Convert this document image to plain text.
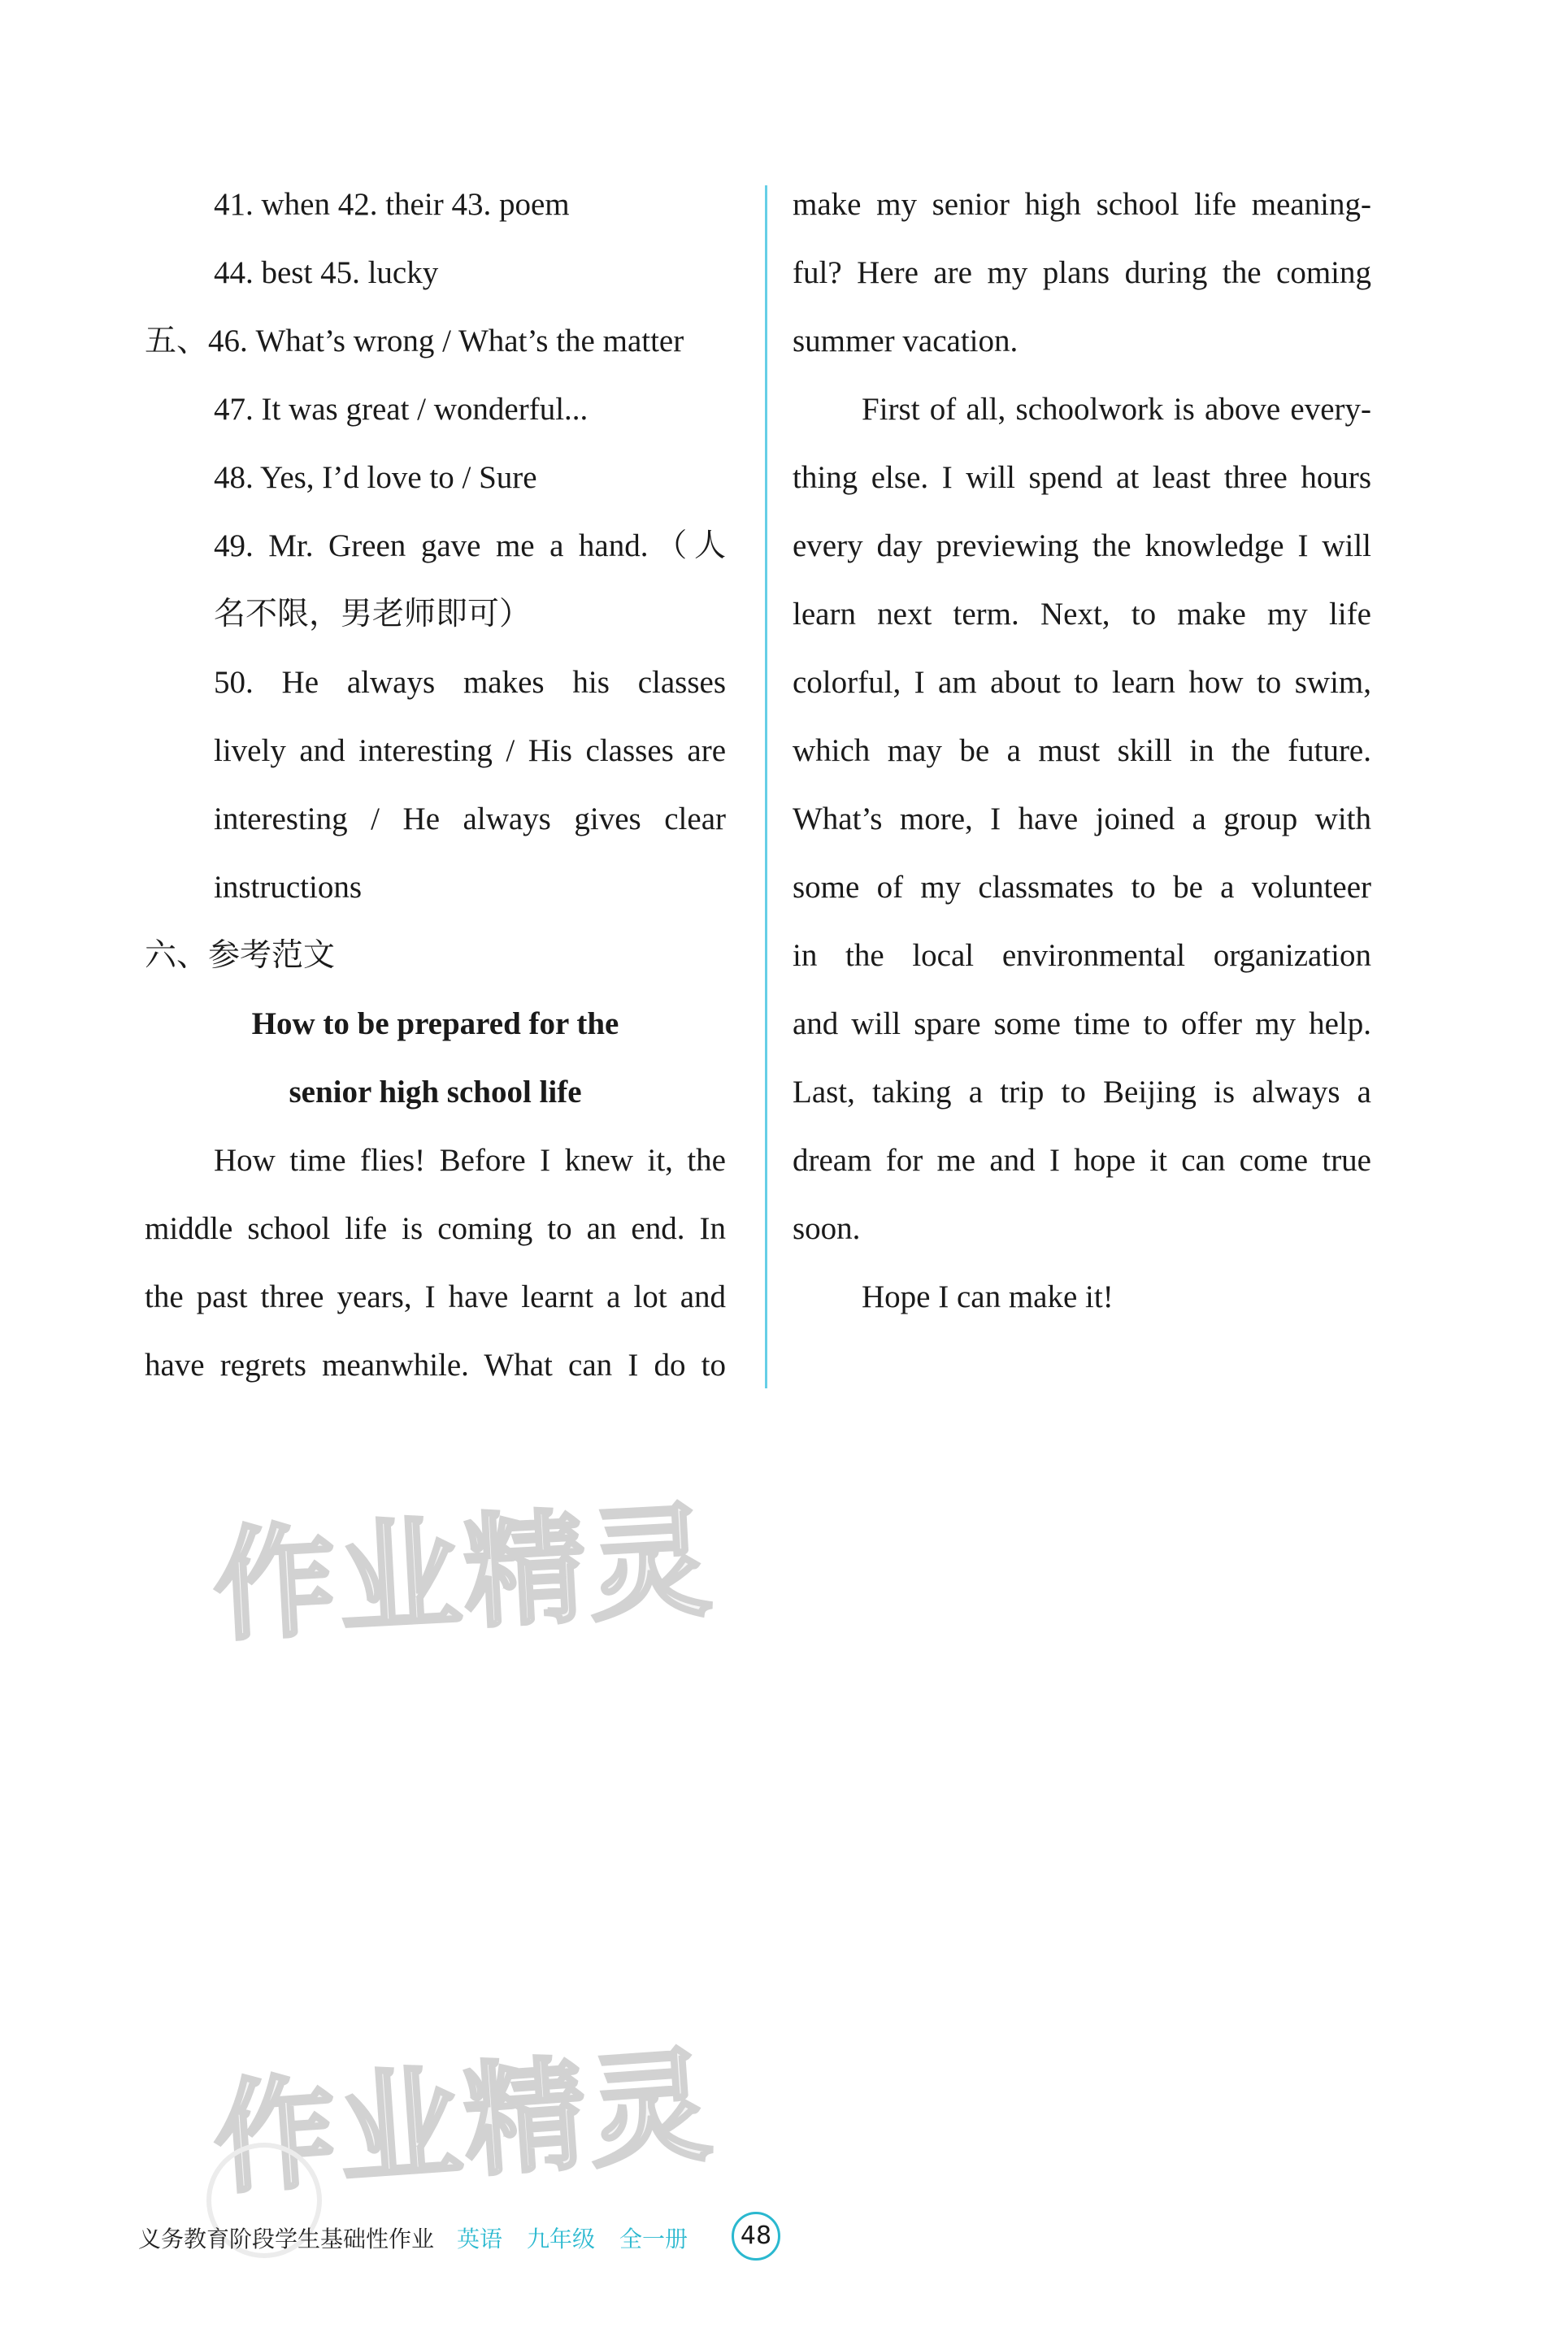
41. when 42. their 43. poem
44. best 45. lucky
五、46. What’s wrong / What’s the matter
47. It was great / wonderful...
48. Yes, I’d love to / Sure
49. Mr. Green gave me a hand.（人
名不限，男老师即可）
50. He always makes his classes
lively and interesting / His classes are
interesting / He always gives clear
instructions
六、参考范文
How to be prepared for the
senior high school life
How time flies! Before I knew it, the
middle school life is coming to an end. In
the past three years, I have learnt a lot and
have regrets meanwhile. What can I do to
make my senior high school life meaning-
ful? Here are my plans during the coming
summer vacation.
First of all, schoolwork is above every-
thing else. I will spend at least three hours
every day previewing the knowledge I will
learn next term. Next, to make my life
colorful, I am about to learn how to swim,
which may be a must skill in the future.
What’s more, I have joined a group with
some of my classmates to be a volunteer
in the local environmental organization
and will spare some time to offer my help.
Last, taking a trip to Beijing is always a
dream for me and I hope it can come true
soon.
Hope I can make it!
作业精灵
作业精灵
义务教育阶段学生基础性作业 英语 九年级 全一册	48
